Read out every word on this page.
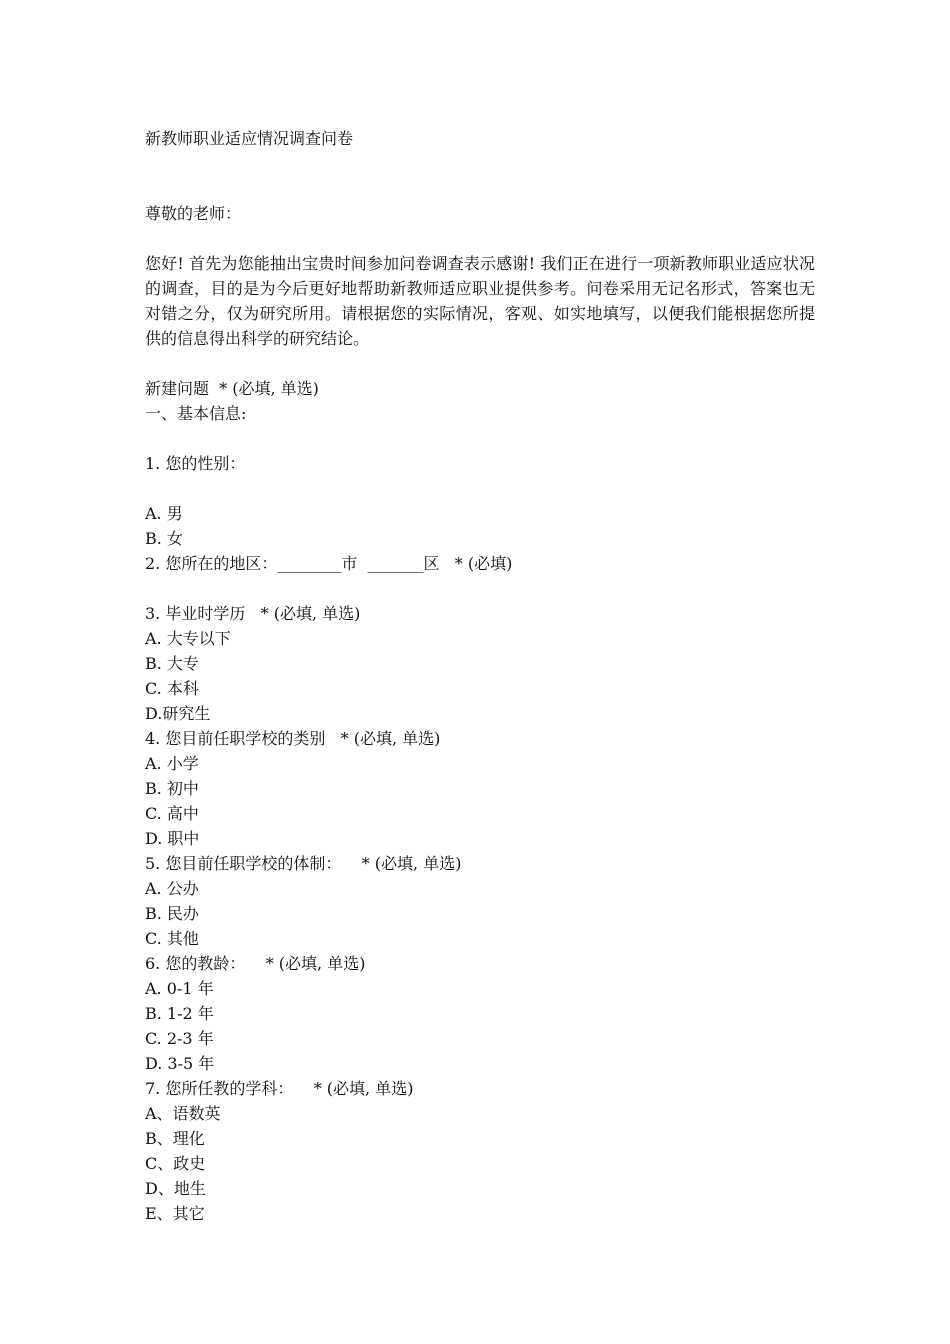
新教师职业适应情况调查问卷

尊敬的老师：

您好! 首先为您能抽出宝贵时间参加问卷调查表示感谢! 我们正在进行一项新教师职业适应状况的调查，目的是为今后更好地帮助新教师适应职业提供参考。问卷采用无记名形式，答案也无对错之分，仅为研究所用。请根据您的实际情况，客观、如实地填写，以便我们能根据您所提供的信息得出科学的研究结论。

新建问题  * (必填, 单选)
一、基本信息:
1. 您的性别：
A. 男
B. 女
2. 您所在的地区：________市  _______区   * (必填)
3. 毕业时学历   * (必填, 单选)
A. 大专以下
B. 大专
C. 本科
D.研究生
4. 您目前任职学校的类别   * (必填, 单选)
A. 小学
B. 初中
C. 高中
D. 职中
5. 您目前任职学校的体制：    * (必填, 单选)
A. 公办
B. 民办
C. 其他
6. 您的教龄：    * (必填, 单选)
A. 0-1 年
B. 1-2 年
C. 2-3 年
D. 3-5 年
7. 您所任教的学科：    * (必填, 单选)
A、语数英
B、理化
C、政史
D、地生
E、其它
